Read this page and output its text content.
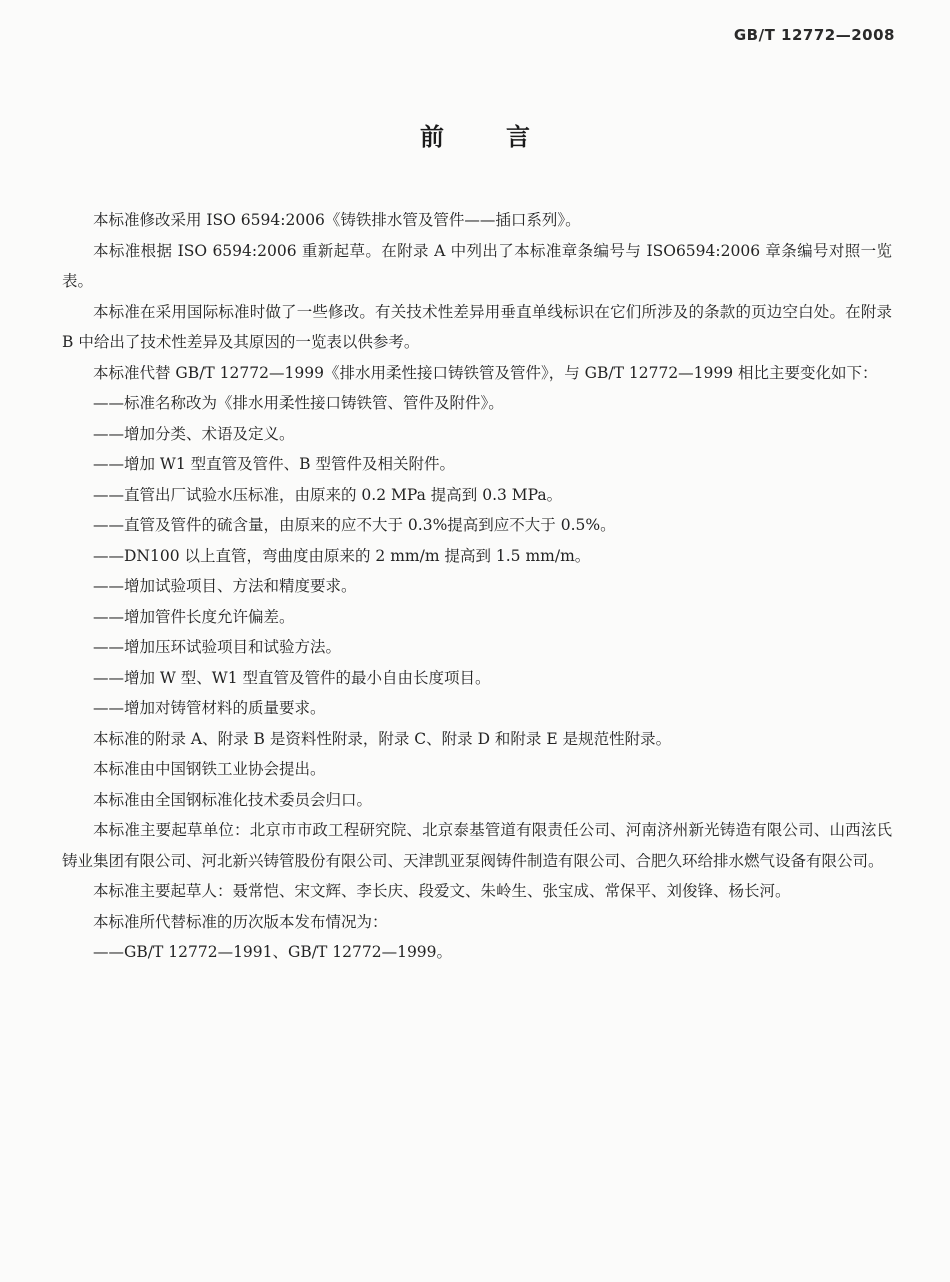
GB/T 12772—2008
前言

本标准修改采用 ISO 6594:2006《铸铁排水管及管件——插口系列》。

本标准根据 ISO 6594:2006 重新起草。在附录 A 中列出了本标准章条编号与 ISO6594:2006 章条编号对照一览表。

本标准在采用国际标准时做了一些修改。有关技术性差异用垂直单线标识在它们所涉及的条款的页边空白处。在附录 B 中给出了技术性差异及其原因的一览表以供参考。

本标准代替 GB/T 12772—1999《排水用柔性接口铸铁管及管件》，与 GB/T 12772—1999 相比主要变化如下：

——标准名称改为《排水用柔性接口铸铁管、管件及附件》。

——增加分类、术语及定义。

——增加 W1 型直管及管件、B 型管件及相关附件。

——直管出厂试验水压标准，由原来的 0.2 MPa 提高到 0.3 MPa。

——直管及管件的硫含量，由原来的应不大于 0.3%提高到应不大于 0.5%。

——DN100 以上直管，弯曲度由原来的 2 mm/m 提高到 1.5 mm/m。

——增加试验项目、方法和精度要求。

——增加管件长度允许偏差。

——增加压环试验项目和试验方法。

——增加 W 型、W1 型直管及管件的最小自由长度项目。

——增加对铸管材料的质量要求。

本标准的附录 A、附录 B 是资料性附录，附录 C、附录 D 和附录 E 是规范性附录。

本标准由中国钢铁工业协会提出。

本标准由全国钢标准化技术委员会归口。

本标准主要起草单位：北京市市政工程研究院、北京泰基管道有限责任公司、河南济州新光铸造有限公司、山西泫氏铸业集团有限公司、河北新兴铸管股份有限公司、天津凯亚泵阀铸件制造有限公司、合肥久环给排水燃气设备有限公司。

本标准主要起草人：聂常恺、宋文辉、李长庆、段爱文、朱岭生、张宝成、常保平、刘俊锋、杨长河。

本标准所代替标准的历次版本发布情况为：

——GB/T 12772—1991、GB/T 12772—1999。
